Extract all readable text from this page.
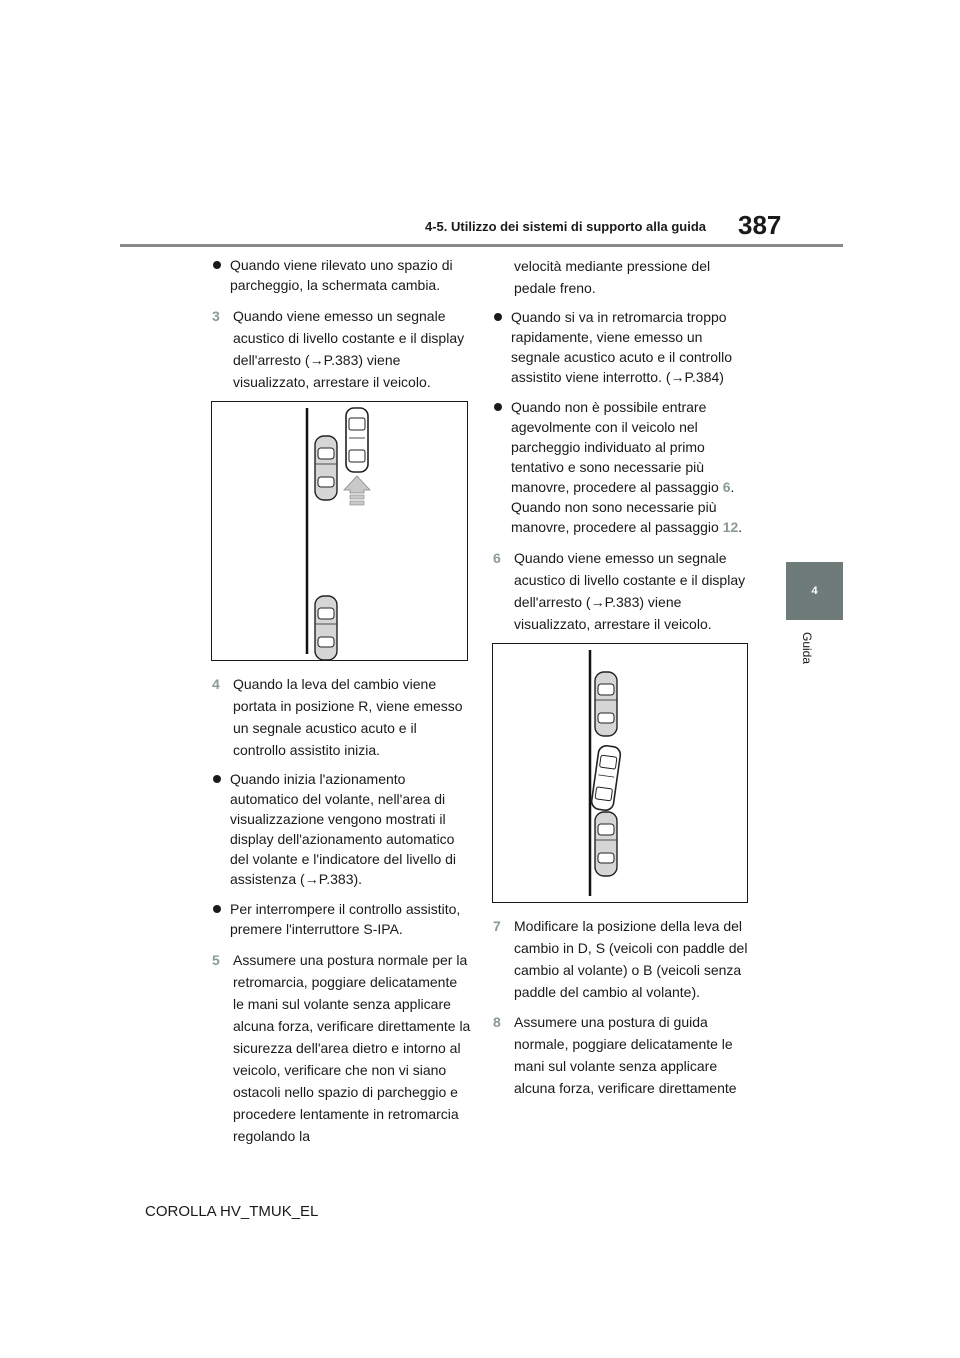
4-5. Utilizzo dei sistemi di supporto alla guida 387
4
Guida

Quando viene rilevato uno spazio di parcheggio, la schermata cambia.

3 Quando viene emesso un segnale acustico di livello costante e il display dell'arresto (→P.383) viene visualizzato, arrestare il veicolo.

4 Quando la leva del cambio viene portata in posizione R, viene emesso un segnale acustico acuto e il controllo assistito inizia.

Quando inizia l'azionamento automatico del volante, nell'area di visualizzazione vengono mostrati il display dell'azionamento automatico del volante e l'indicatore del livello di assistenza (→P.383).

Per interrompere il controllo assistito, premere l'interruttore S-IPA.

5 Assumere una postura normale per la retromarcia, poggiare delicatamente le mani sul volante senza applicare alcuna forza, verificare direttamente la sicurezza dell'area dietro e intorno al veicolo, verificare che non vi siano ostacoli nello spazio di parcheggio e procedere lentamente in retromarcia regolando la

velocità mediante pressione del pedale freno.

Quando si va in retromarcia troppo rapidamente, viene emesso un segnale acustico acuto e il controllo assistito viene interrotto. (→P.384)

Quando non è possibile entrare agevolmente con il veicolo nel parcheggio individuato al primo tentativo e sono necessarie più manovre, procedere al passaggio 6. Quando non sono necessarie più manovre, procedere al passaggio 12.

6 Quando viene emesso un segnale acustico di livello costante e il display dell'arresto (→P.383) viene visualizzato, arrestare il veicolo.

7 Modificare la posizione della leva del cambio in D, S (veicoli con paddle del cambio al volante) o B (veicoli senza paddle del cambio al volante).

8 Assumere una postura di guida normale, poggiare delicatamente le mani sul volante senza applicare alcuna forza, verificare direttamente

COROLLA HV_TMUK_EL
